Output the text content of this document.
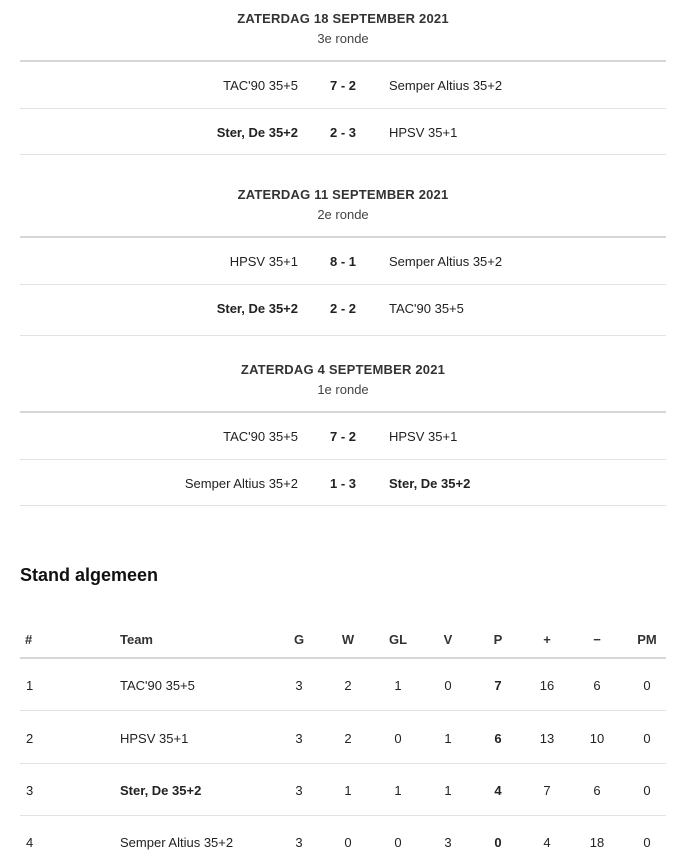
ZATERDAG 18 SEPTEMBER 2021
3e ronde
TAC'90 35+5	7 - 2	Semper Altius 35+2
Ster, De 35+2	2 - 3	HPSV 35+1
ZATERDAG 11 SEPTEMBER 2021
2e ronde
HPSV 35+1	8 - 1	Semper Altius 35+2
Ster, De 35+2	2 - 2	TAC'90 35+5
ZATERDAG 4 SEPTEMBER 2021
1e ronde
TAC'90 35+5	7 - 2	HPSV 35+1
Semper Altius 35+2	1 - 3	Ster, De 35+2
Stand algemeen
#	Team	G	W	GL	V	P	+	−	PM
1	TAC'90 35+5	3	2	1	0	7	16	6	0
2	HPSV 35+1	3	2	0	1	6	13	10	0
3	Ster, De 35+2	3	1	1	1	4	7	6	0
4	Semper Altius 35+2	3	0	0	3	0	4	18	0
